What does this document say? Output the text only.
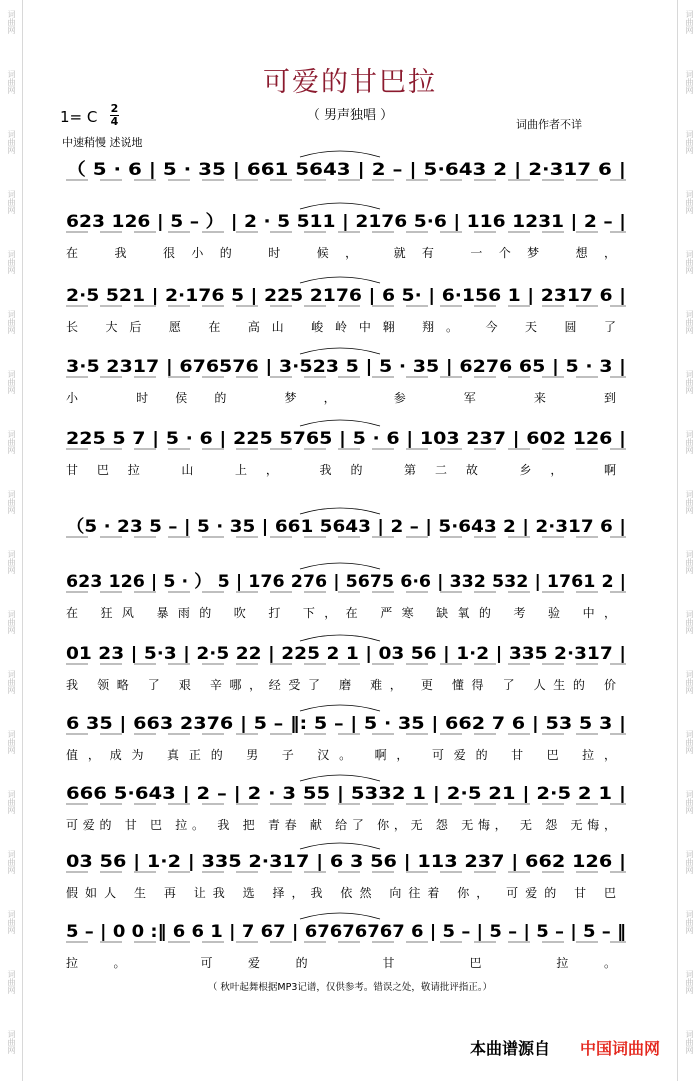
词曲网
词曲网
词曲网
词曲网
词曲网
词曲网
词曲网
词曲网
词曲网
词曲网
词曲网
词曲网
词曲网
词曲网
词曲网
词曲网
词曲网
词曲网
词曲网
词曲网
词曲网
词曲网
词曲网
词曲网
词曲网
词曲网
词曲网
词曲网
词曲网
词曲网
词曲网
词曲网
词曲网
词曲网
词曲网
词曲网
可爱的甘巴拉
（ 男声独唱 ）
词曲作者不详
1= C 2
4
中速稍慢 述说地
（ 5 · 6 | 5 · 35 | 661 5643 | 2 – | 5·643 2 | 2·317 6 |
623 126 | 5 – ） | 2 · 5 511 | 2176 5·6 | 116 1231 | 2 – |
在 我 很小的 时 候， 就有 一个梦 想，
2·5 521 | 2·176 5 | 225 2176 | 6 5· | 6·156 1 | 2317 6 |
长 大后 愿 在 高山 峻岭中翱 翔。 今 天 圆 了
3·5 2317 | 676576 | 3·523 5 | 5 · 35 | 6276 65 | 5 · 3 |
小 时侯的 梦， 参 军 来 到
225 5 7 | 5 · 6 | 225 5765 | 5 · 6 | 103 237 | 602 126 |
甘巴拉 山 上， 我的 第二故 乡， 啊
（5 · 23 5 – | 5 · 35 | 661 5643 | 2 – | 5·643 2 | 2·317 6 |
623 126 | 5 · ） 5 | 176 276 | 5675 6·6 | 332 532 | 1761 2 |
在 狂风 暴雨的 吹 打 下，在 严寒 缺氧的 考 验 中，
01 23 | 5·3 | 2·5 22 | 225 2 1 | 03 56 | 1·2 | 335 2·317 |
我 领略 了 艰 辛哪，经受了 磨 难， 更 懂得 了 人生的 价
6 35 | 663 2376 | 5 – ‖: 5 – | 5 · 35 | 662 7 6 | 53 5 3 |
值，成为 真正的 男 子 汉。 啊， 可爱的 甘 巴 拉，
666 5·643 | 2 – | 2 · 3 55 | 5332 1 | 2·5 21 | 2·5 2 1 |
可爱的 甘 巴 拉。 我 把 青春 献 给了 你，无 怨 无悔， 无 怨 无悔，
03 56 | 1·2 | 335 2·317 | 6 3 56 | 113 237 | 662 126 |
假如人 生 再 让我 选 择，我 依然 向往着 你， 可爱的 甘 巴
5 – | 0 0 :‖ 6 6 1 | 7 67 | 67676767 6 | 5 – | 5 – | 5 – | 5 – ‖
拉。 可爱的 甘 巴 拉。
（ 秋叶起舞根据MP3记谱，仅供参考。错误之处，敬请批评指正。）
本曲谱源自 中国词曲网
